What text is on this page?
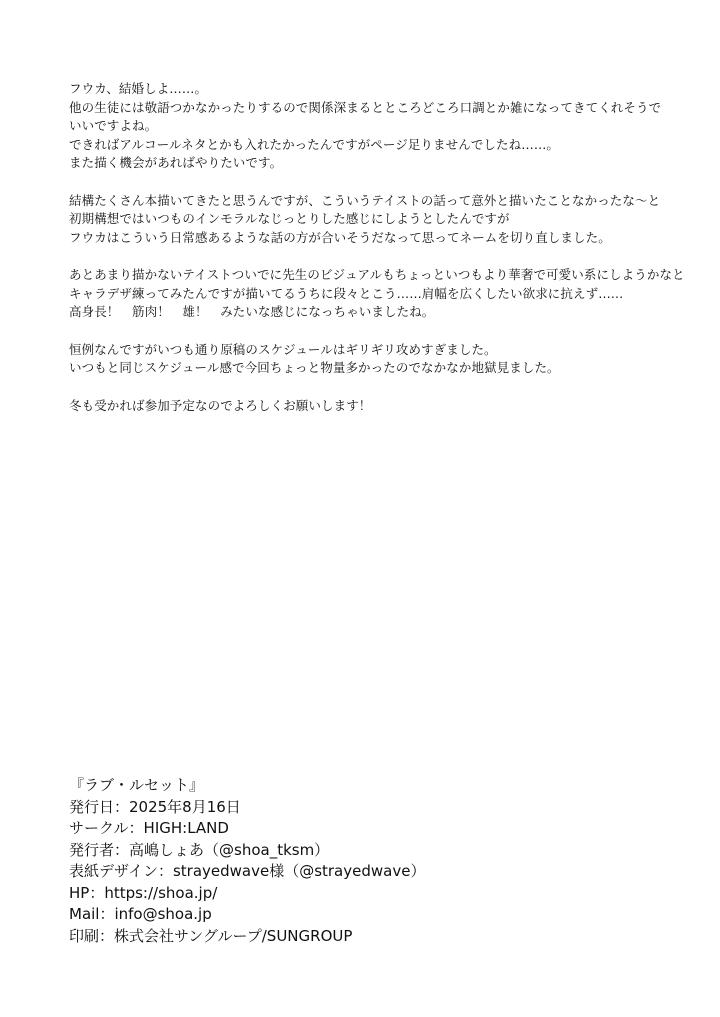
フウカ、結婚しよ……。
他の生徒には敬語つかなかったりするので関係深まるとところどころ口調とか雑になってきてくれそうで
いいですよね。
できればアルコールネタとかも入れたかったんですがページ足りませんでしたね……。
また描く機会があればやりたいです。
結構たくさん本描いてきたと思うんですが、こういうテイストの話って意外と描いたことなかったな〜と
初期構想ではいつものインモラルなじっとりした感じにしようとしたんですが
フウカはこういう日常感あるような話の方が合いそうだなって思ってネームを切り直しました。
あとあまり描かないテイストついでに先生のビジュアルもちょっといつもより華奢で可愛い系にしようかなと
キャラデザ練ってみたんですが描いてるうちに段々とこう……肩幅を広くしたい欲求に抗えず……
高身長！　筋肉！　雄！　みたいな感じになっちゃいましたね。
恒例なんですがいつも通り原稿のスケジュールはギリギリ攻めすぎました。
いつもと同じスケジュール感で今回ちょっと物量多かったのでなかなか地獄見ました。
冬も受かれば参加予定なのでよろしくお願いします！
『ラブ・ルセット』
発行日：2025年8月16日
サークル：HIGH:LAND
発行者：高嶋しょあ（@shoa_tksm）
表紙デザイン：strayedwave様（@strayedwave）
HP：https://shoa.jp/
Mail：info@shoa.jp
印刷：株式会社サングループ/SUNGROUP
